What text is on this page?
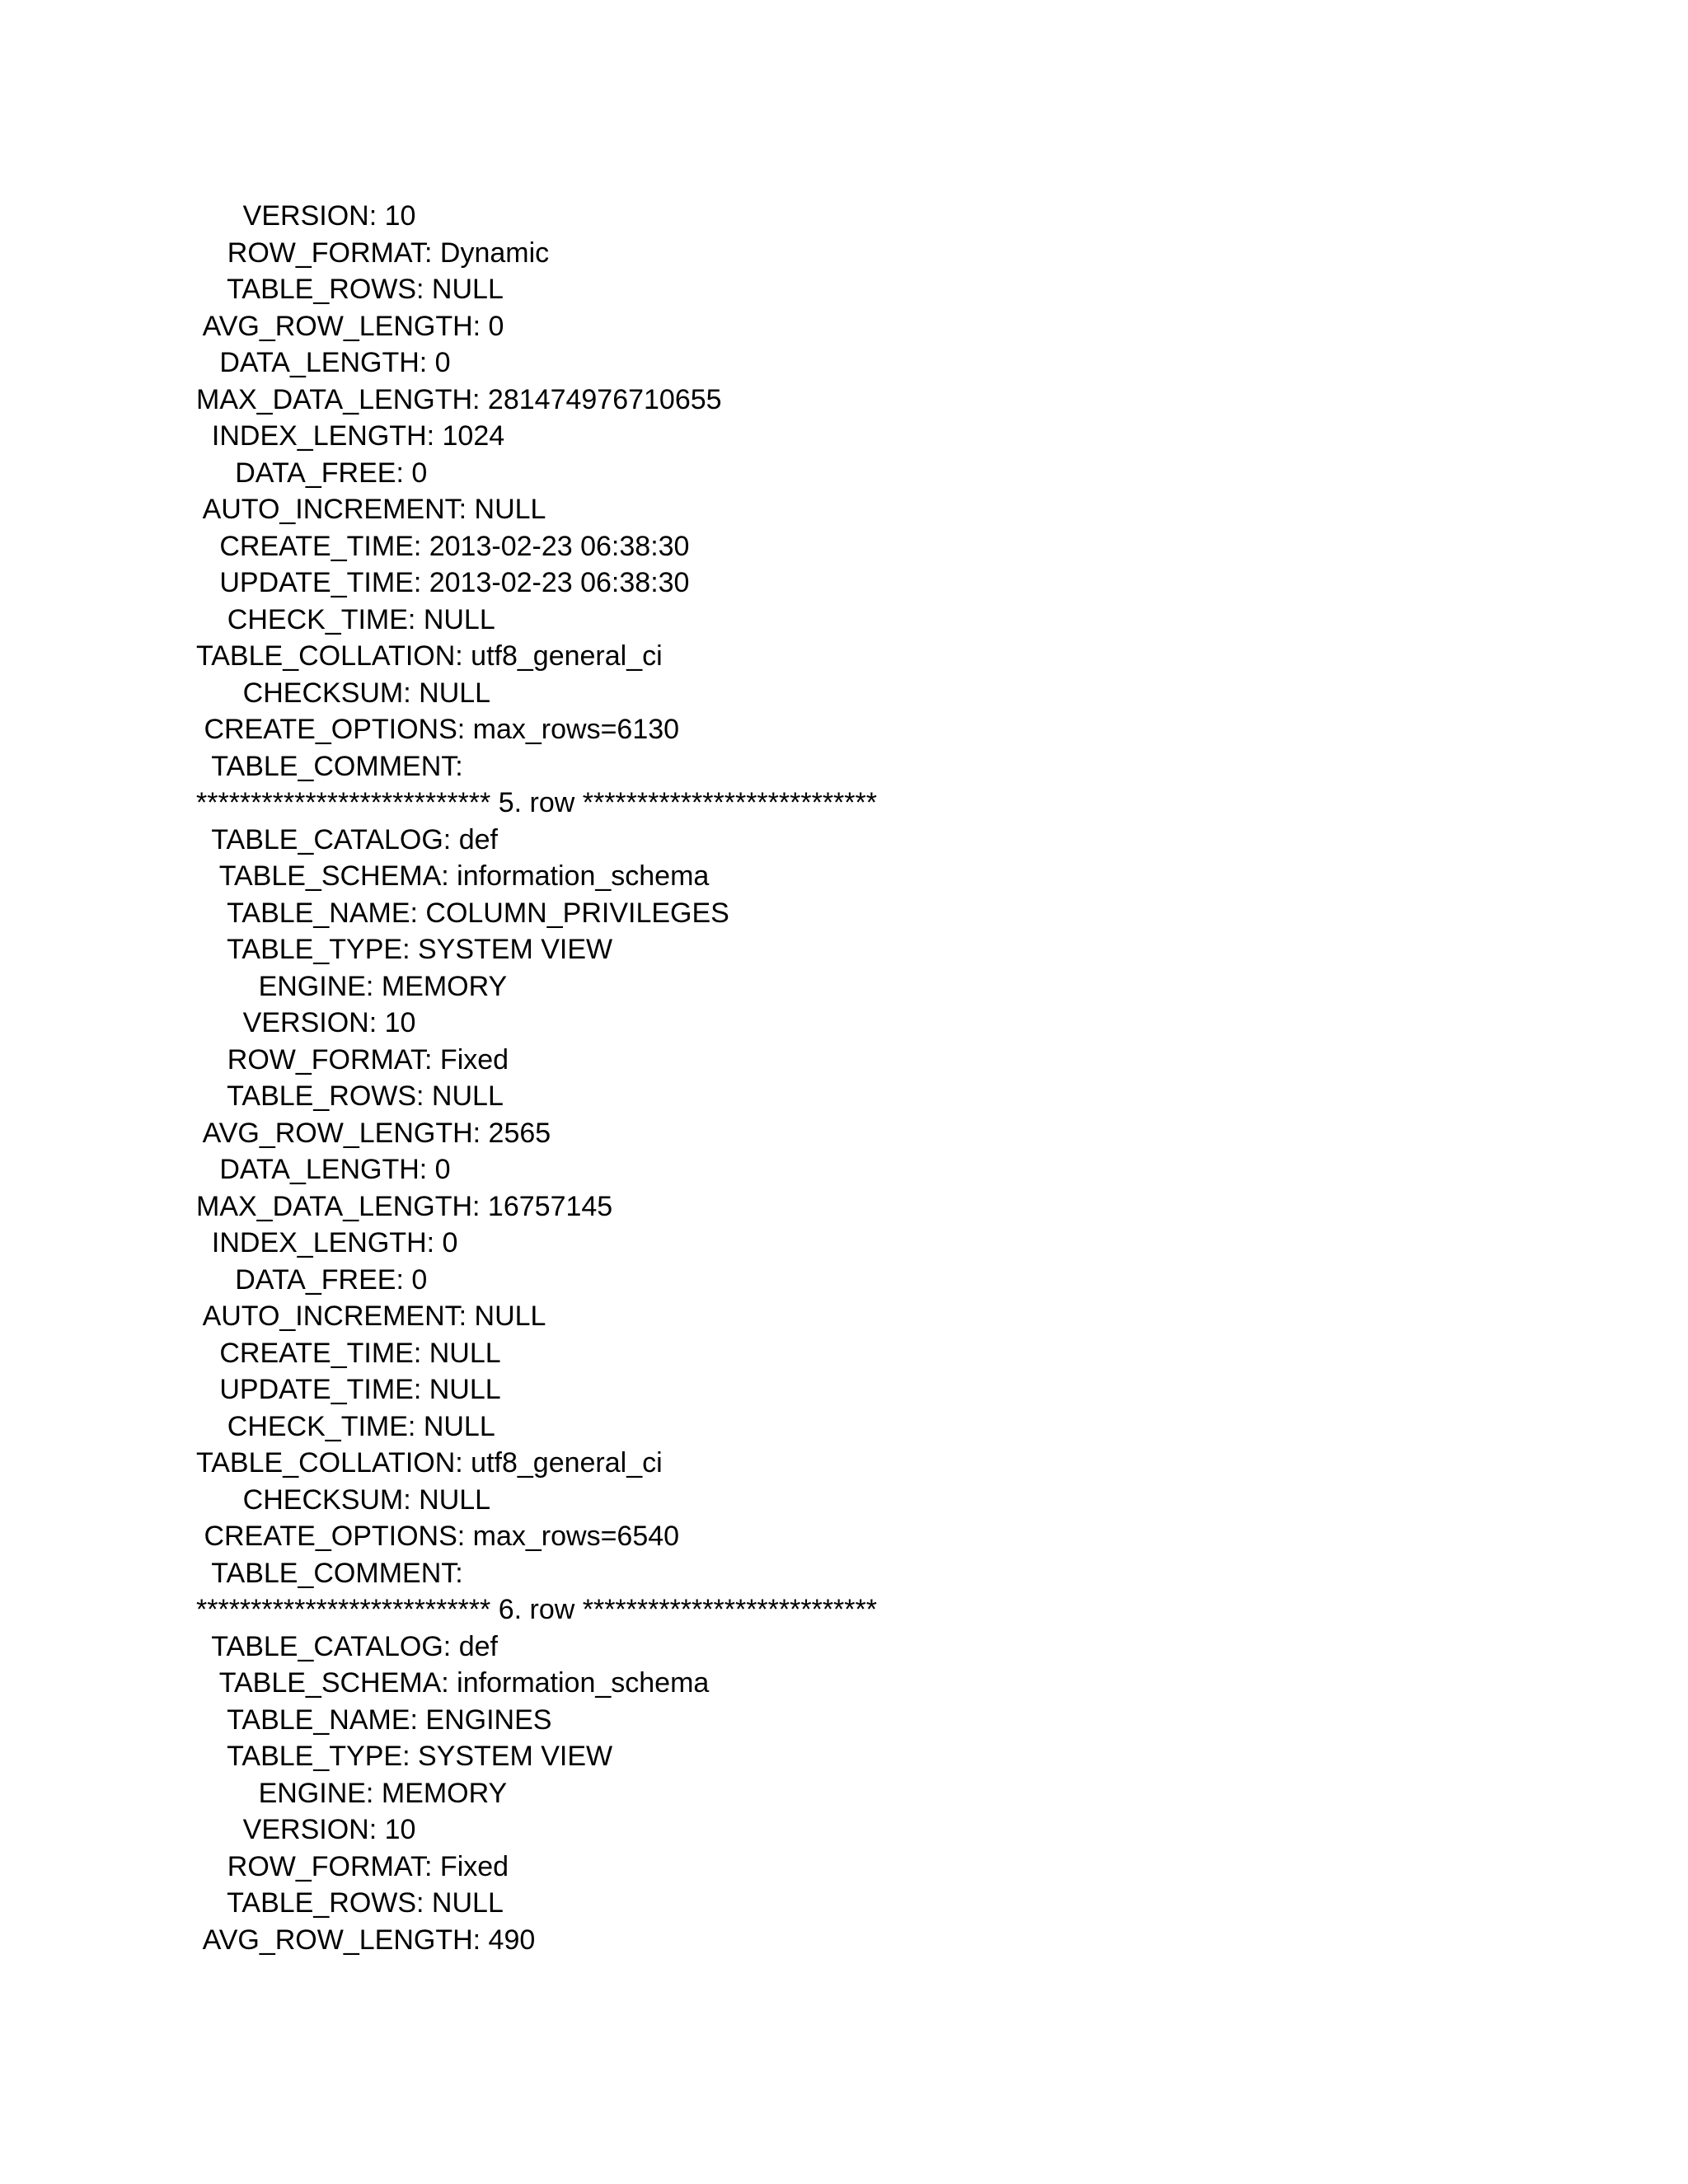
VERSION: 10
ROW_FORMAT: Dynamic
TABLE_ROWS: NULL
AVG_ROW_LENGTH: 0
DATA_LENGTH: 0
MAX_DATA_LENGTH: 281474976710655
INDEX_LENGTH: 1024
DATA_FREE: 0
AUTO_INCREMENT: NULL
CREATE_TIME: 2013-02-23 06:38:30
UPDATE_TIME: 2013-02-23 06:38:30
CHECK_TIME: NULL
TABLE_COLLATION: utf8_general_ci
CHECKSUM: NULL
CREATE_OPTIONS: max_rows=6130
TABLE_COMMENT:
*************************** 5. row ***************************
TABLE_CATALOG: def
TABLE_SCHEMA: information_schema
TABLE_NAME: COLUMN_PRIVILEGES
TABLE_TYPE: SYSTEM VIEW
ENGINE: MEMORY
VERSION: 10
ROW_FORMAT: Fixed
TABLE_ROWS: NULL
AVG_ROW_LENGTH: 2565
DATA_LENGTH: 0
MAX_DATA_LENGTH: 16757145
INDEX_LENGTH: 0
DATA_FREE: 0
AUTO_INCREMENT: NULL
CREATE_TIME: NULL
UPDATE_TIME: NULL
CHECK_TIME: NULL
TABLE_COLLATION: utf8_general_ci
CHECKSUM: NULL
CREATE_OPTIONS: max_rows=6540
TABLE_COMMENT:
*************************** 6. row ***************************
TABLE_CATALOG: def
TABLE_SCHEMA: information_schema
TABLE_NAME: ENGINES
TABLE_TYPE: SYSTEM VIEW
ENGINE: MEMORY
VERSION: 10
ROW_FORMAT: Fixed
TABLE_ROWS: NULL
AVG_ROW_LENGTH: 490
